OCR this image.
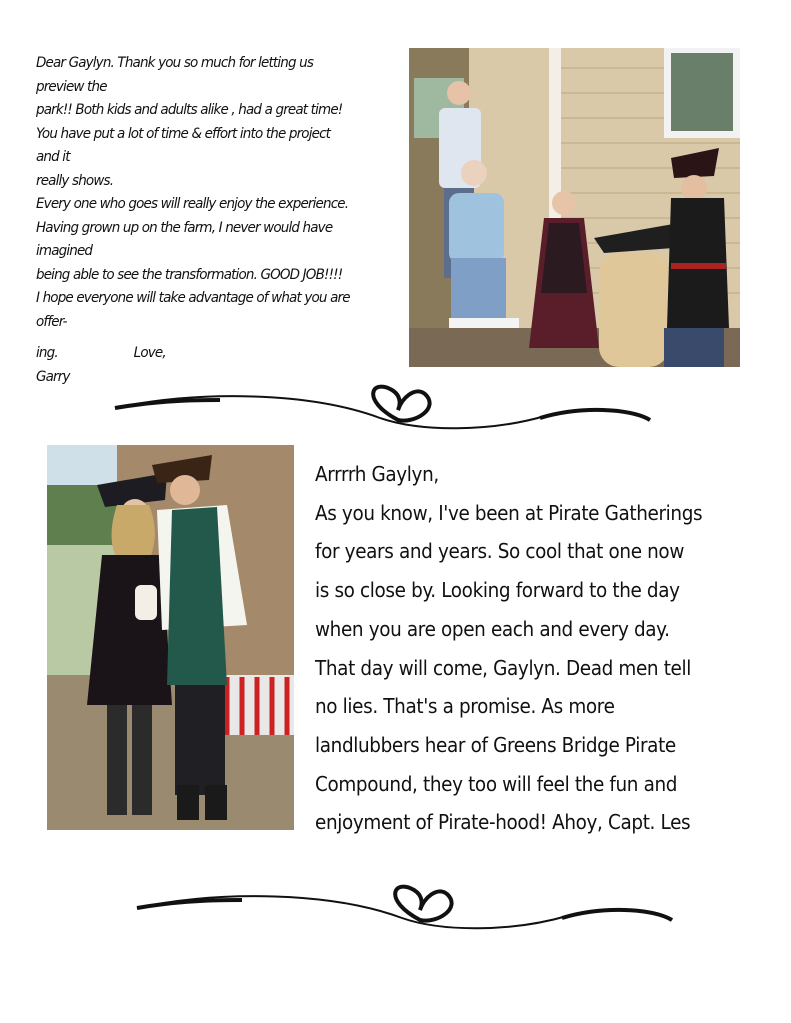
Dear Gaylyn. Thank you so much for letting us preview the

park!! Both kids and adults alike , had a great time!

You have put a lot of time & effort into the project and it

really shows.

Every one who goes will really enjoy the experience.

Having grown up on the farm, I never would have imagined

being able to see the transformation. GOOD JOB!!!!

I hope everyone will take advantage of what you are offer-

ing.	Love,

Garry

Arrrrh Gaylyn,

As you know, I've been at Pirate Gatherings

for years and years. So cool that one now

is so close by. Looking forward to the day

when you are open each and every day.

That day will come, Gaylyn. Dead men tell

no lies. That's a promise. As more

landlubbers hear of Greens Bridge Pirate

Compound, they too will feel the fun and

enjoyment of Pirate-hood! Ahoy, Capt. Les
